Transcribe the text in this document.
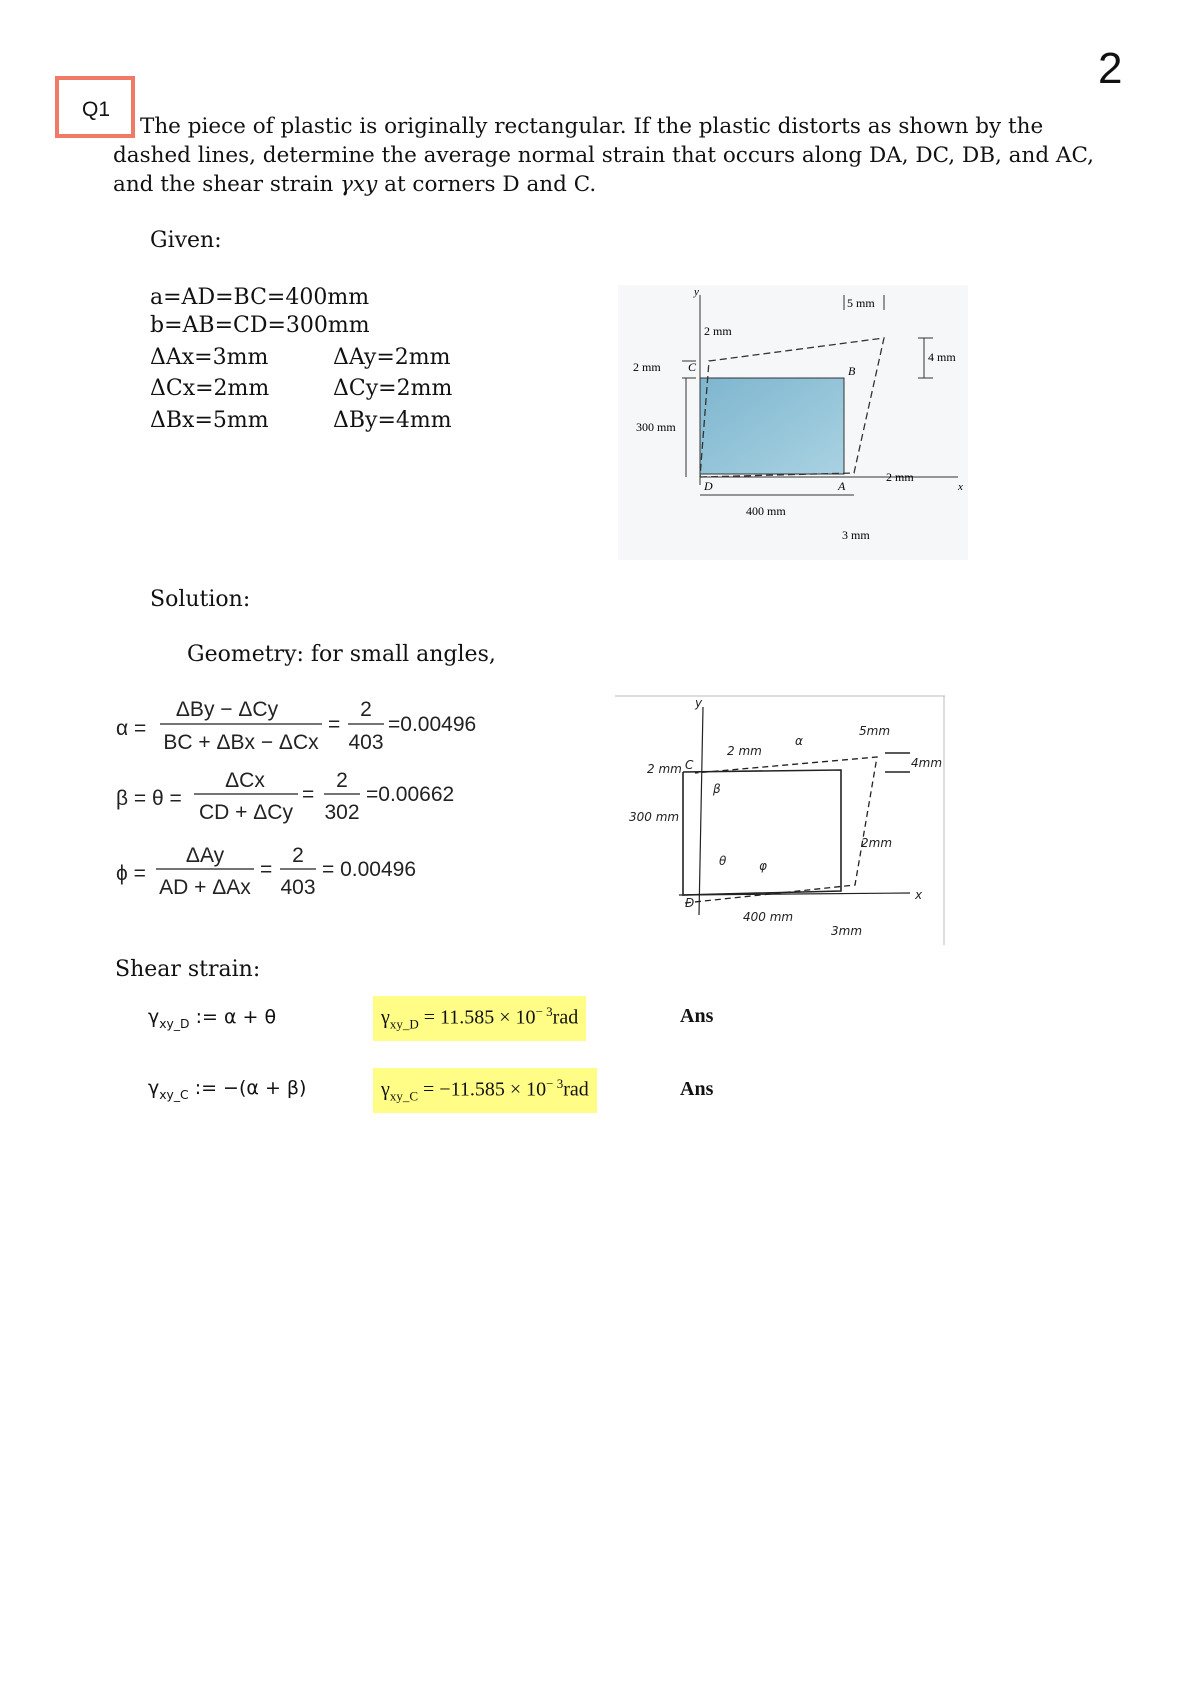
2
Q1

The piece of plastic is originally rectangular. If the plastic distorts as shown by the

dashed lines, determine the average normal strain that occurs along DA, DC, DB, and AC,

and the shear strain γxy at corners D and C.

Given:
a=AD=BC=400mm
b=AB=CD=300mm
ΔAx=3mm	ΔAy=2mm
ΔCx=2mm	ΔCy=2mm
ΔBx=5mm	ΔBy=4mm
y
x
C	B
D	A
5 mm
2 mm
4 mm
2 mm
300 mm
2 mm
400 mm
3 mm
Solution:
Geometry: for small angles,
α =
ΔBy − ΔCy
BC + ΔBx − ΔCx
=
2
403
=0.00496
β = θ =
ΔCx
CD + ΔCy
=
2
302
=0.00662
ϕ =
ΔAy
AD + ΔAx
=
2
403
= 0.00496
y
2 mm
α
5mm
4mm
2 mm C
β
300 mm
θ	φ
2mm
D
400 mm
x
3mm
Shear strain:
$\gamma_{xy\_D}$ := α + θ	$\gamma_{xy\_D} = 11.585 \times 10^{- 3}rad$	Ans
$\gamma_{xy\_C}$ := −(α + β)	$\gamma_{xy\_C} = -11.585 \times 10^{- 3}rad$	Ans
